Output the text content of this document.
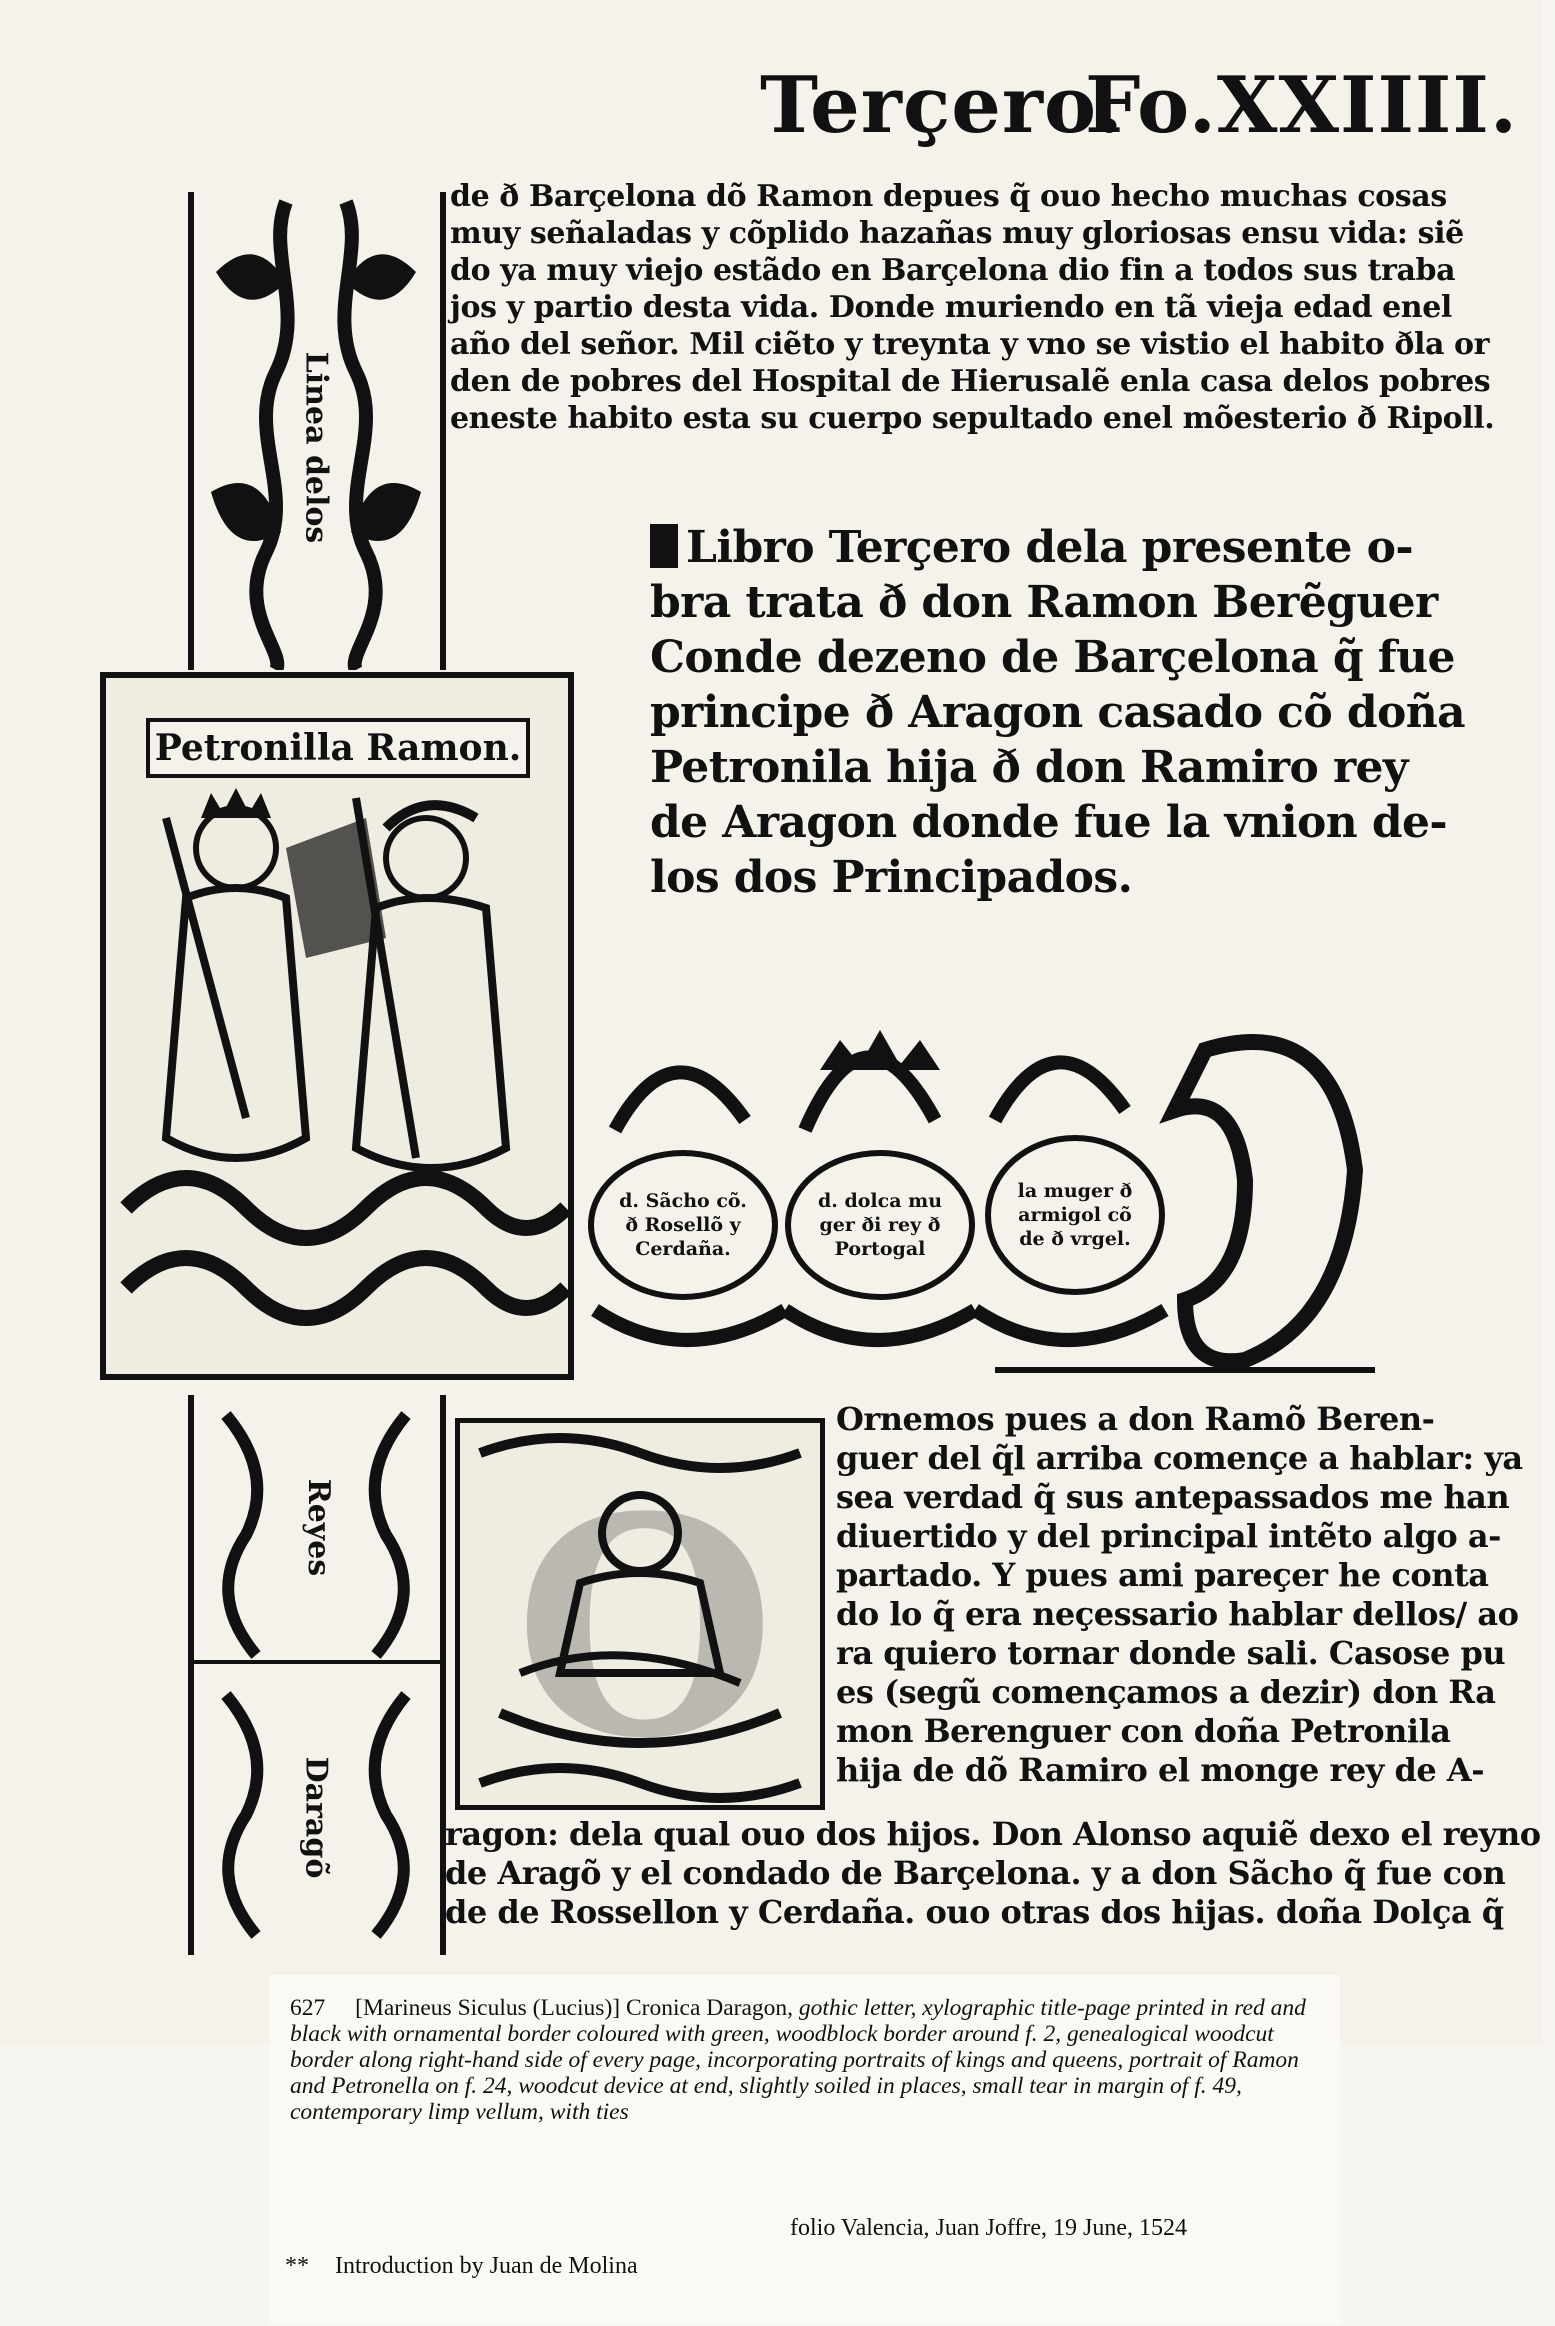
Terçero.
Fo.XXIIII.
Linea delos
de ð Barçelona dõ Ramon depues q̃ ouo hecho muchas cosas
muy señaladas y cõplido hazañas muy gloriosas ensu vida: siẽ
do ya muy viejo estãdo en Barçelona dio fin a todos sus traba
jos y partio desta vida. Donde muriendo en tã vieja edad enel
año del señor. Mil ciẽto y treynta y vno se vistio el habito ðla or
den de pobres del Hospital de Hierusalẽ enla casa delos pobres
eneste habito esta su cuerpo sepultado enel mõesterio ð Ripoll.
Libro Terçero dela presente o-
bra trata ð don Ramon Berẽguer
Conde dezeno de Barçelona q̃ fue
principe ð Aragon casado cõ doña
Petronila hija ð don Ramiro rey
de Aragon donde fue la vnion de-
los dos Principados.
Petronilla Ramon.
d. Sãcho cõ.
ð Rosellõ y
Cerdaña.
d. dolca mu
ger ði rey ð
Portogal
la muger ð
armigol cõ
de ð vrgel.
Reyes
Daragõ
O
Ornemos pues a don Ramõ Beren-
guer del q̃l arriba començe a hablar: ya
sea verdad q̃ sus antepassados me han
diuertido y del principal intẽto algo a-
partado. Y pues ami pareçer he conta
do lo q̃ era neçessario hablar dellos/ ao
ra quiero tornar donde sali. Casose pu
es (segũ començamos a dezir) don Ra
mon Berenguer con doña Petronila
hija de dõ Ramiro el monge rey de A-
ragon: dela qual ouo dos hijos. Don Alonso aquiẽ dexo el reyno
de Aragõ y el condado de Barçelona. y a don Sãcho q̃ fue con
de de Rossellon y Cerdaña. ouo otras dos hijas. doña Dolça q̃
627 [Marineus Siculus (Lucius)] Cronica Daragon, gothic letter, xylographic title-page printed in red and black with ornamental border coloured with green, woodblock border around f. 2, genealogical woodcut border along right-hand side of every page, incorporating portraits of kings and queens, portrait of Ramon and Petronella on f. 24, woodcut device at end, slightly soiled in places, small tear in margin of f. 49, contemporary limp vellum, with ties
folio Valencia, Juan Joffre, 19 June, 1524
** Introduction by Juan de Molina
